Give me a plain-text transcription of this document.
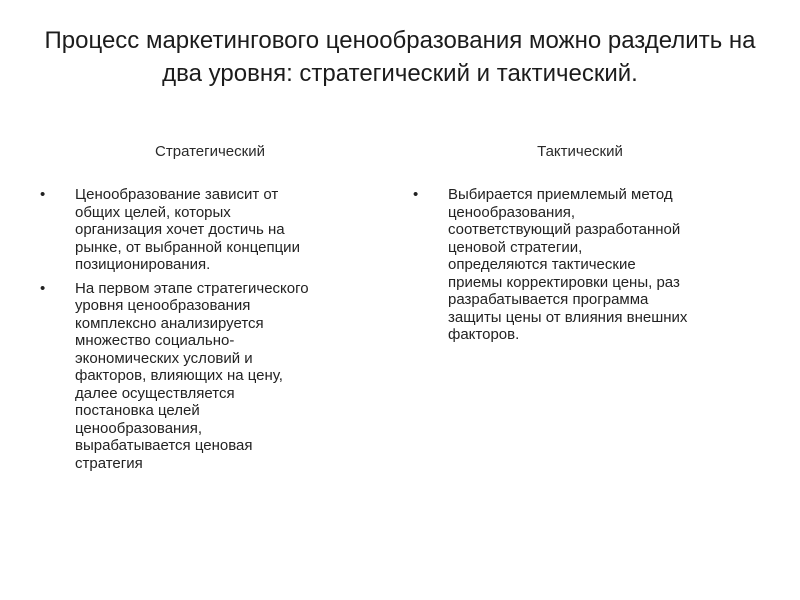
Процесс маркетингового ценообразования можно разделить на два уровня: стратегический и тактический.
Стратегический	Тактический
•	Ценообразование зависит от
общих целей, которых
организация хочет достичь на
рынке, от выбранной концепции
позиционирования.
•	На первом этапе стратегического
уровня ценообразования
комплексно анализируется
множество социально-
экономических условий и
факторов, влияющих на цену,
далее осуществляется
постановка целей
ценообразования,
вырабатывается ценовая
стратегия
•	Выбирается приемлемый метод
ценообразования,
соответствующий разработанной
ценовой стратегии,
определяются тактические
приемы корректировки цены, раз
разрабатывается программа
защиты цены от влияния внешних
факторов.
